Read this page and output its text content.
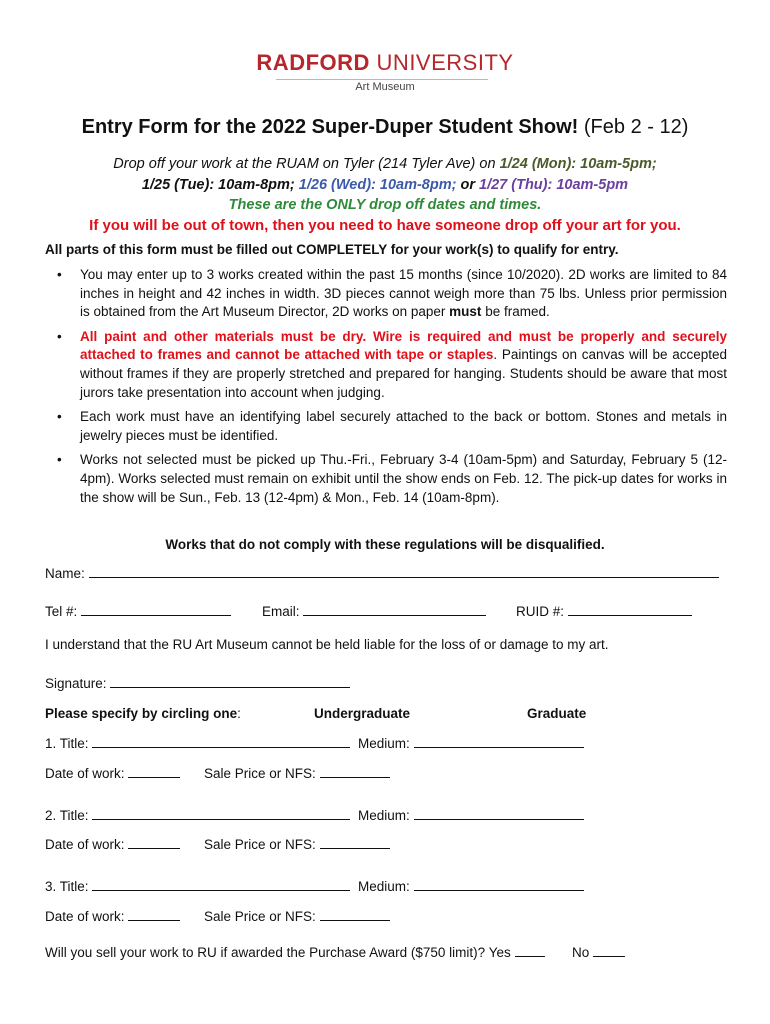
RADFORD UNIVERSITY
Art Museum
Entry Form for the 2022 Super-Duper Student Show! (Feb 2 - 12)
Drop off your work at the RUAM on Tyler (214 Tyler Ave) on 1/24 (Mon): 10am-5pm;
1/25 (Tue): 10am-8pm; 1/26 (Wed): 10am-8pm; or 1/27 (Thu): 10am-5pm
These are the ONLY drop off dates and times.
If you will be out of town, then you need to have someone drop off your art for you.
All parts of this form must be filled out COMPLETELY for your work(s) to qualify for entry.
• You may enter up to 3 works created within the past 15 months (since 10/2020). 2D works are limited to 84 inches in height and 42 inches in width. 3D pieces cannot weigh more than 75 lbs. Unless prior permission is obtained from the Art Museum Director, 2D works on paper must be framed.
• All paint and other materials must be dry. Wire is required and must be properly and securely attached to frames and cannot be attached with tape or staples. Paintings on canvas will be accepted without frames if they are properly stretched and prepared for hanging. Students should be aware that most jurors take presentation into account when judging.
• Each work must have an identifying label securely attached to the back or bottom. Stones and metals in jewelry pieces must be identified.
• Works not selected must be picked up Thu.-Fri., February 3-4 (10am-5pm) and Saturday, February 5 (12-4pm). Works selected must remain on exhibit until the show ends on Feb. 12. The pick-up dates for works in the show will be Sun., Feb. 13 (12-4pm) & Mon., Feb. 14 (10am-8pm).
Works that do not comply with these regulations will be disqualified.
Name:
Tel #:	Email:	RUID #:
I understand that the RU Art Museum cannot be held liable for the loss of or damage to my art.
Signature:
Please specify by circling one:	Undergraduate	Graduate
1. Title:	Medium:
Date of work:	Sale Price or NFS:
2. Title:	Medium:
Date of work:	Sale Price or NFS:
3. Title:	Medium:
Date of work:	Sale Price or NFS:
Will you sell your work to RU if awarded the Purchase Award ($750 limit)? Yes	No
